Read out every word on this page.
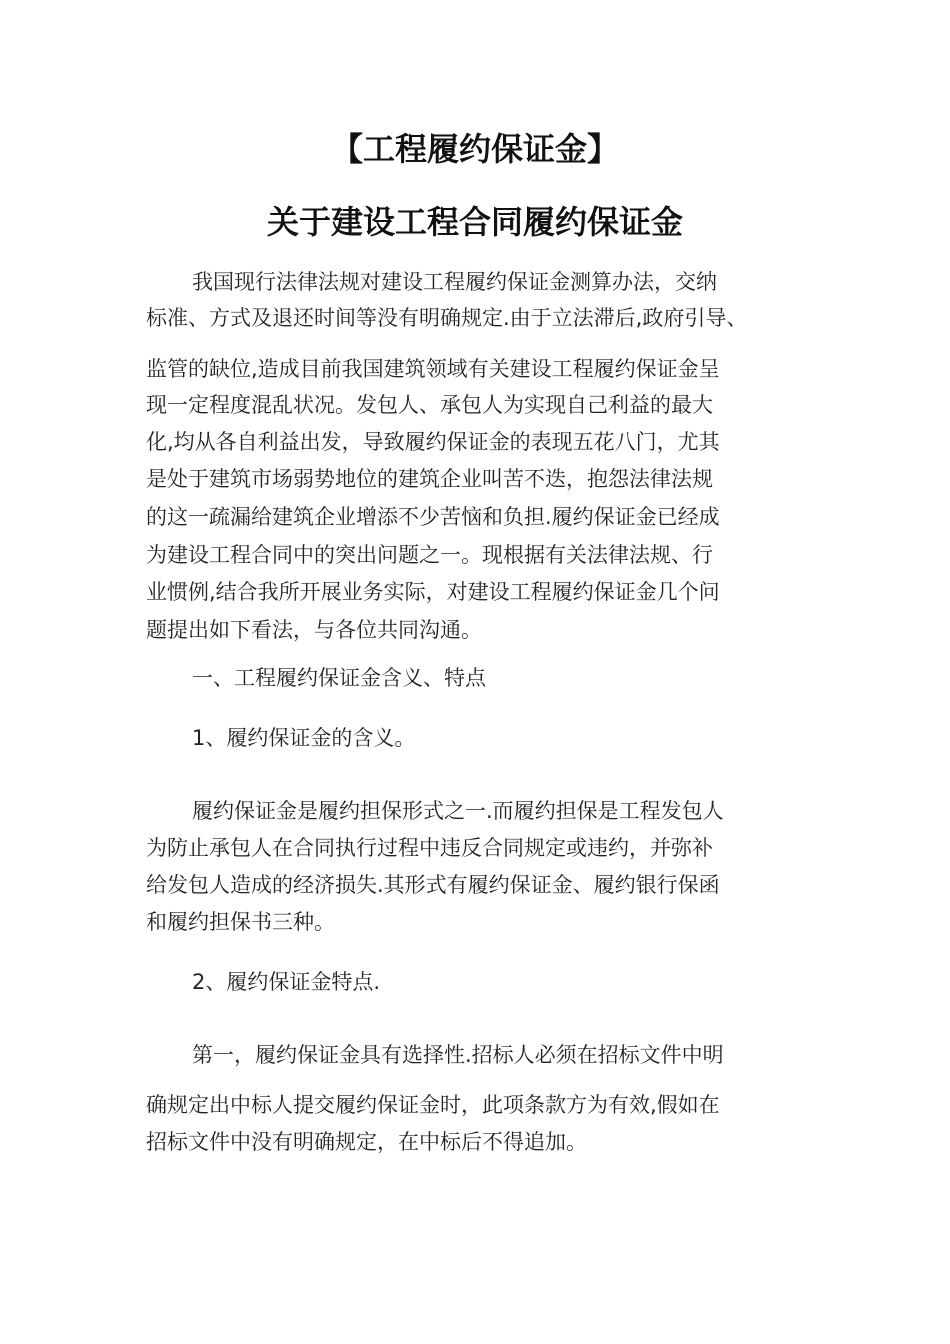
【工程履约保证金】
关于建设工程合同履约保证金

我国现行法律法规对建设工程履约保证金测算办法，交纳

标准、方式及退还时间等没有明确规定.由于立法滞后,政府引导、

监管的缺位,造成目前我国建筑领域有关建设工程履约保证金呈

现一定程度混乱状况。发包人、承包人为实现自己利益的最大

化,均从各自利益出发，导致履约保证金的表现五花八门，尤其

是处于建筑市场弱势地位的建筑企业叫苦不迭，抱怨法律法规

的这一疏漏给建筑企业增添不少苦恼和负担.履约保证金已经成

为建设工程合同中的突出问题之一。现根据有关法律法规、行

业惯例,结合我所开展业务实际，对建设工程履约保证金几个问

题提出如下看法，与各位共同沟通。

一、工程履约保证金含义、特点

1、履约保证金的含义。

履约保证金是履约担保形式之一.而履约担保是工程发包人

为防止承包人在合同执行过程中违反合同规定或违约，并弥补

给发包人造成的经济损失.其形式有履约保证金、履约银行保函

和履约担保书三种。

2、履约保证金特点.

第一，履约保证金具有选择性.招标人必须在招标文件中明

确规定出中标人提交履约保证金时，此项条款方为有效,假如在

招标文件中没有明确规定，在中标后不得追加。
